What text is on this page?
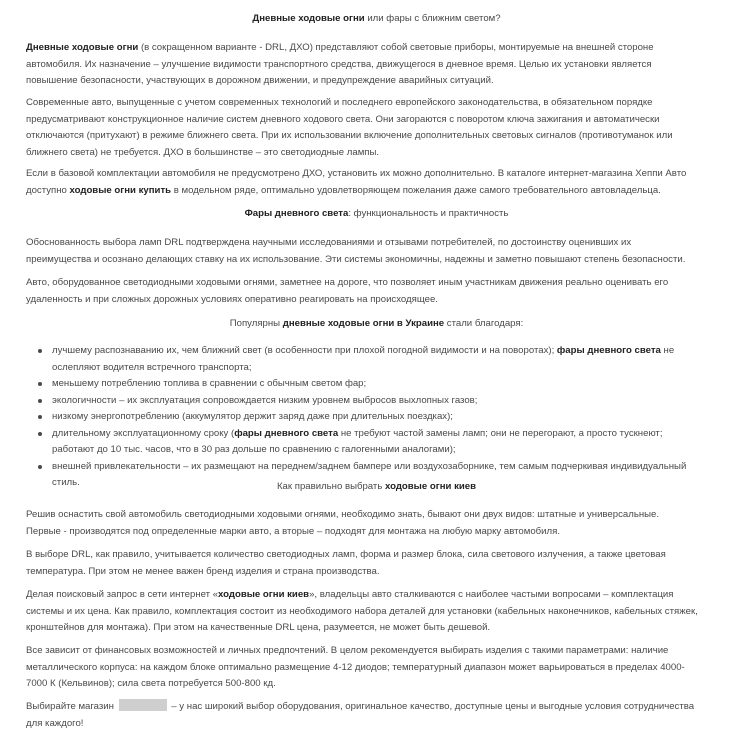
Дневные ходовые огни или фары с ближним светом?

Дневные ходовые огни (в сокращенном варианте - DRL, ДХО) представляют собой световые приборы, монтируемые на внешней стороне
автомобиля. Их назначение – улучшение видимости транспортного средства, движущегося в дневное время. Целью их установки является
повышение безопасности, участвующих в дорожном движении, и предупреждение аварийных ситуаций.

Современные авто, выпущенные с учетом современных технологий и последнего европейского законодательства, в обязательном порядке
предусматривают конструкционное наличие систем дневного ходового света. Они загораются с поворотом ключа зажигания и автоматически
отключаются (притухают) в режиме ближнего света. При их использовании включение дополнительных световых сигналов (противотуманок или
ближнего света) не требуется. ДХО в большинстве – это светодиодные лампы.

Если в базовой комплектации автомобиля не предусмотрено ДХО, установить их можно дополнительно. В каталоге интернет-магазина Хеппи Авто
доступно ходовые огни купить в модельном ряде, оптимально удовлетворяющем пожелания даже самого требовательного автовладельца.

Фары дневного света: функциональность и практичность

Обоснованность выбора ламп DRL подтверждена научными исследованиями и отзывами потребителей, по достоинству оценивших их
преимущества и осознано делающих ставку на их использование. Эти системы экономичны, надежны и заметно повышают степень безопасности.

Авто, оборудованное светодиодными ходовыми огнями, заметнее на дороге, что позволяет иным участникам движения реально оценивать его
удаленность и при сложных дорожных условиях оперативно реагировать на происходящее.

Популярны дневные ходовые огни в Украине стали благодаря:

лучшему распознаванию их, чем ближний свет (в особенности при плохой погодной видимости и на поворотах); фары дневного света не
ослепляют водителя встречного транспорта;
меньшему потреблению топлива в сравнении с обычным светом фар;
экологичности – их эксплуатация сопровождается низким уровнем выбросов выхлопных газов;
низкому энергопотреблению (аккумулятор держит заряд даже при длительных поездках);
длительному эксплуатационному сроку (фары дневного света не требуют частой замены ламп; они не перегорают, а просто тускнеют;
работают до 10 тыс. часов, что в 30 раз дольше по сравнению с галогенными аналогами);
внешней привлекательности – их размещают на переднем/заднем бампере или воздухозаборнике, тем самым подчеркивая индивидуальный
стиль.	Как правильно выбрать ходовые огни киев

Решив оснастить свой автомобиль светодиодными ходовыми огнями, необходимо знать, бывают они двух видов: штатные и универсальные.
Первые - производятся под определенные марки авто, а вторые – подходят для монтажа на любую марку автомобиля.

В выборе DRL, как правило, учитывается количество светодиодных ламп, форма и размер блока, сила светового излучения, а также цветовая
температура. При этом не менее важен бренд изделия и страна производства.

Делая поисковый запрос в сети интернет «ходовые огни киев», владельцы авто сталкиваются с наиболее частыми вопросами – комплектация
системы и их цена. Как правило, комплектация состоит из необходимого набора деталей для установки (кабельных наконечников, кабельных стяжек,
кронштейнов для монтажа). При этом на качественные DRL цена, разумеется, не может быть дешевой.

Все зависит от финансовых возможностей и личных предпочтений. В целом рекомендуется выбирать изделия с такими параметрами: наличие
металлического корпуса: на каждом блоке оптимально размещение 4-12 диодов; температурный диапазон может варьироваться в пределах 4000-
7000 К (Кельвинов); сила света потребуется 500-800 кд.

Выбирайте магазин	– у нас широкий выбор оборудования, оригинальное качество, доступные цены и выгодные условия сотрудничества
для каждого!
